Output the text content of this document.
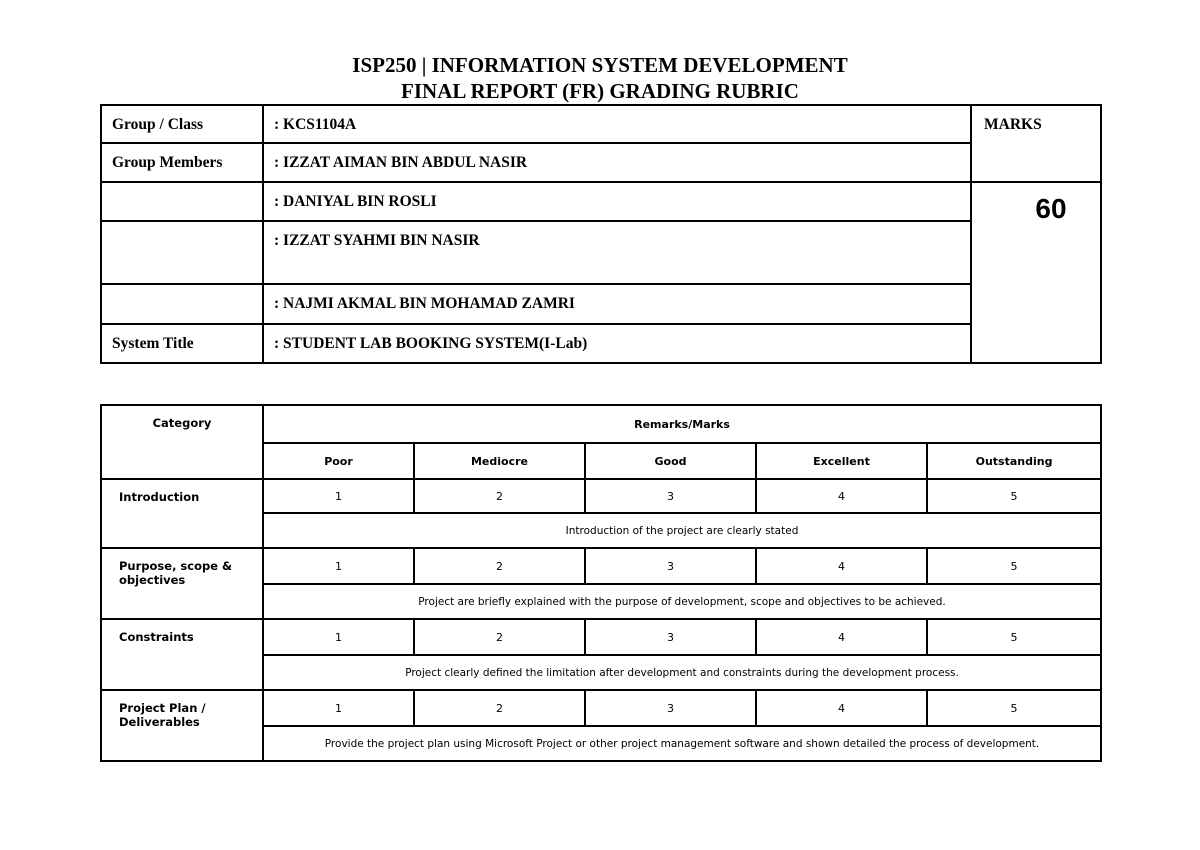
ISP250 | INFORMATION SYSTEM DEVELOPMENT
FINAL REPORT (FR) GRADING RUBRIC
Group / Class	: KCS1104A	MARKS
Group Members	: IZZAT AIMAN BIN ABDUL NASIR	
	: DANIYAL BIN ROSLI	60
	: IZZAT SYAHMI BIN NASIR	
	: NAJMI AKMAL BIN MOHAMAD ZAMRI	
System Title	: STUDENT LAB BOOKING SYSTEM(I-Lab)	
Category	Remarks/Marks				
	Poor	Mediocre	Good	Excellent	Outstanding
Introduction	1	2	3	4	5
	Introduction of the project are clearly stated				
Purpose, scope & objectives	1	2	3	4	5
	Project are briefly explained with the purpose of development, scope and objectives to be achieved.				
Constraints	1	2	3	4	5
	Project clearly defined the limitation after development and constraints during the development process.				
Project Plan / Deliverables	1	2	3	4	5
	Provide the project plan using Microsoft Project or other project management software and shown detailed the process of development.				
